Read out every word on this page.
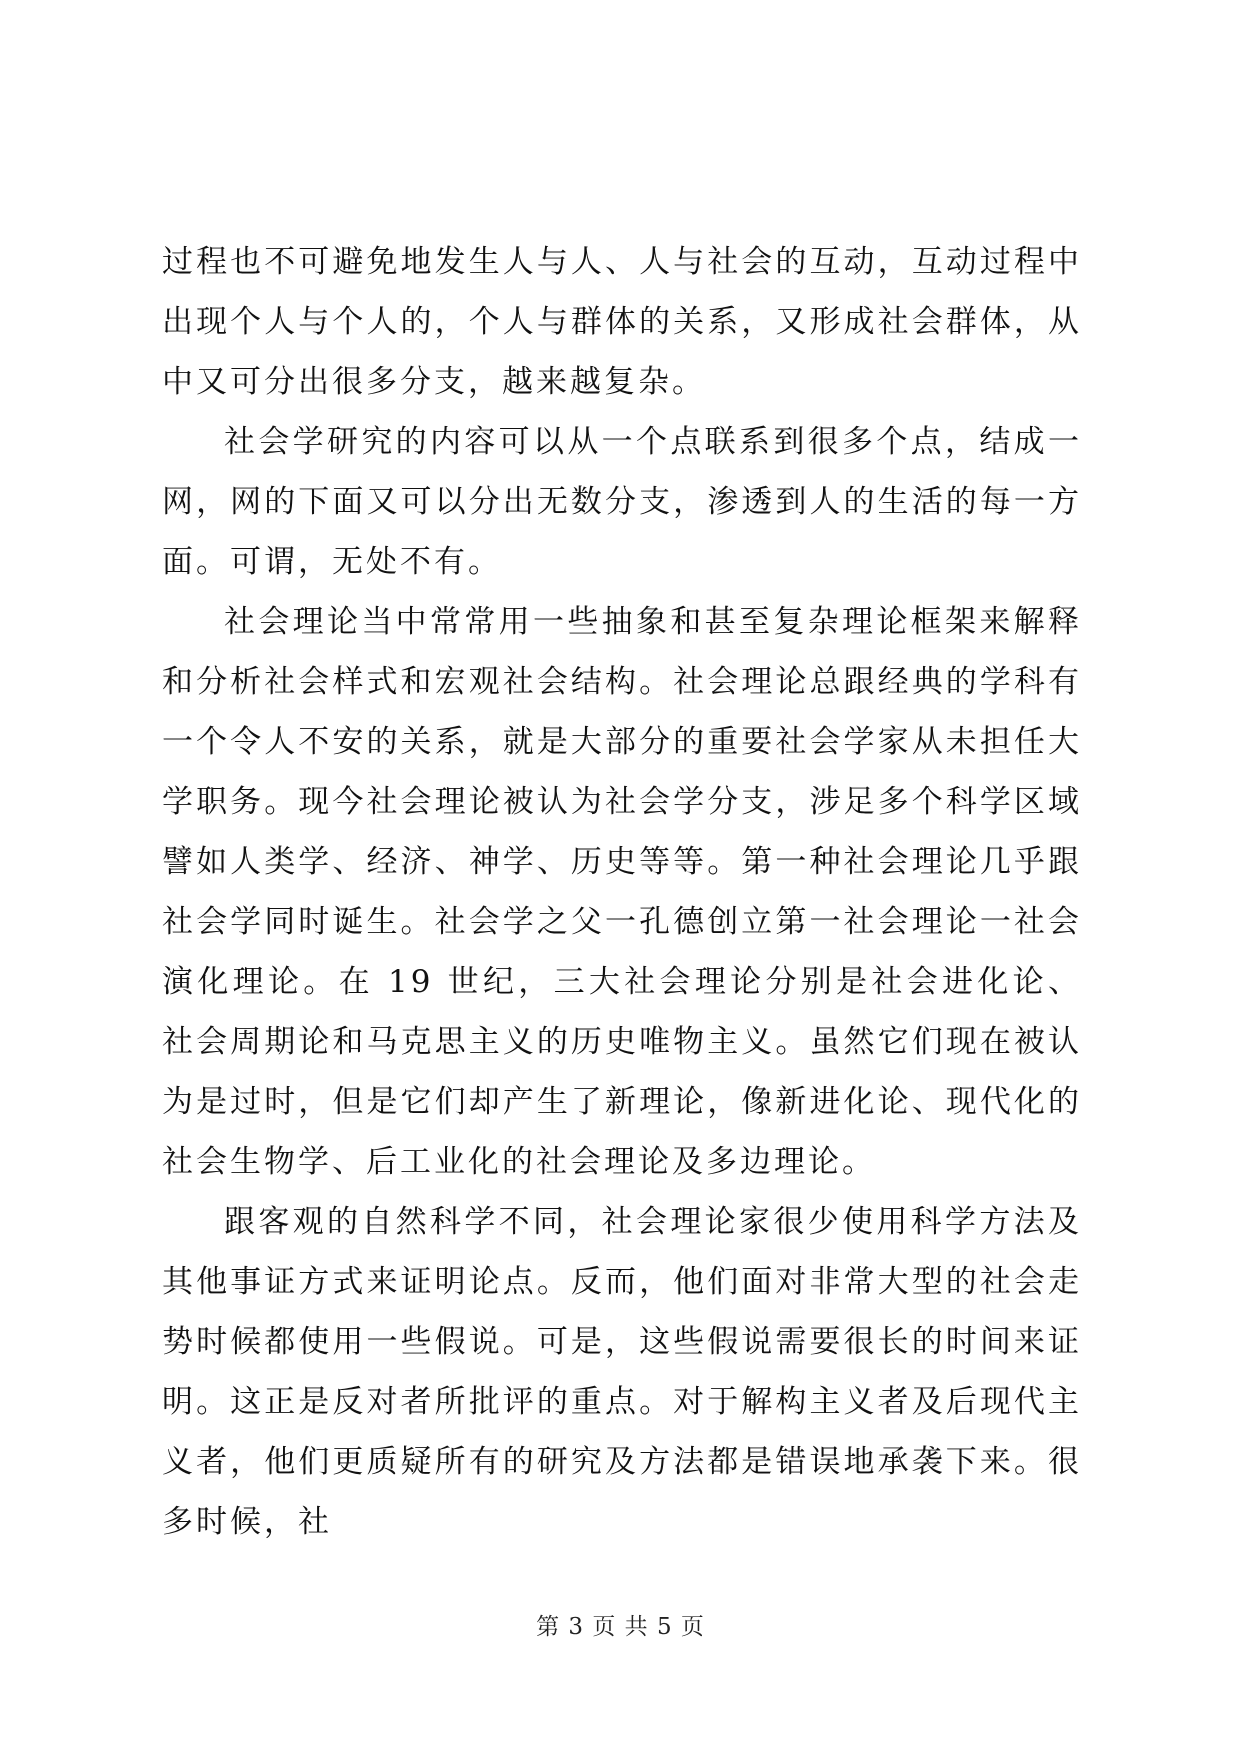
过程也不可避免地发生人与人、人与社会的互动，互动过程中出现个人与个人的，个人与群体的关系，又形成社会群体，从中又可分出很多分支，越来越复杂。

社会学研究的内容可以从一个点联系到很多个点，结成一网，网的下面又可以分出无数分支，渗透到人的生活的每一方面。可谓，无处不有。

社会理论当中常常用一些抽象和甚至复杂理论框架来解释和分析社会样式和宏观社会结构。社会理论总跟经典的学科有一个令人不安的关系，就是大部分的重要社会学家从未担任大学职务。现今社会理论被认为社会学分支，涉足多个科学区域譬如人类学、经济、神学、历史等等。第一种社会理论几乎跟社会学同时诞生。社会学之父一孔德创立第一社会理论一社会演化理论。在 19 世纪，三大社会理论分别是社会进化论、社会周期论和马克思主义的历史唯物主义。虽然它们现在被认为是过时，但是它们却产生了新理论，像新进化论、现代化的社会生物学、后工业化的社会理论及多边理论。

跟客观的自然科学不同，社会理论家很少使用科学方法及其他事证方式来证明论点。反而，他们面对非常大型的社会走势时候都使用一些假说。可是，这些假说需要很长的时间来证明。这正是反对者所批评的重点。对于解构主义者及后现代主义者，他们更质疑所有的研究及方法都是错误地承袭下来。很多时候，社

第 3 页 共 5 页
